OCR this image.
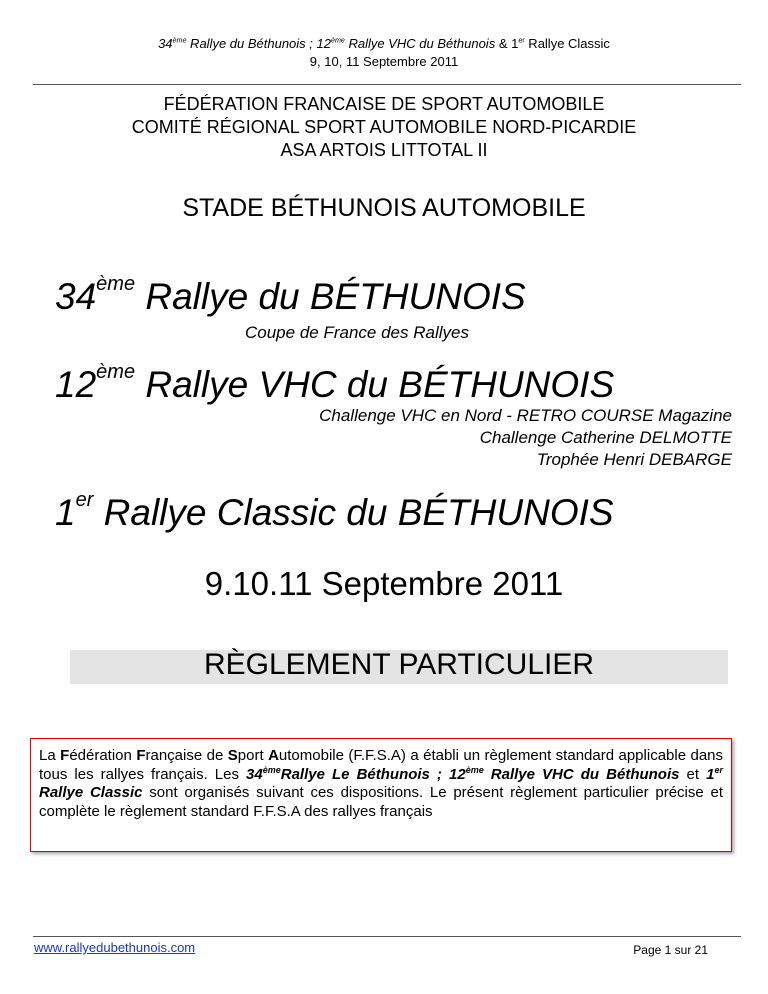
34ème Rallye du Béthunois ; 12ème Rallye VHC du Béthunois & 1er Rallye Classic
9, 10, 11 Septembre 2011
FÉDÉRATION FRANCAISE DE SPORT AUTOMOBILE
COMITÉ RÉGIONAL SPORT AUTOMOBILE NORD-PICARDIE
ASA ARTOIS LITTOTAL II
STADE BÉTHUNOIS AUTOMOBILE
34ème Rallye du BÉTHUNOIS
Coupe de France des Rallyes
12ème Rallye VHC du BÉTHUNOIS
Challenge VHC en Nord - RETRO COURSE Magazine
Challenge Catherine DELMOTTE
Trophée Henri DEBARGE
1er Rallye Classic du BÉTHUNOIS
9.10.11 Septembre 2011
RÈGLEMENT PARTICULIER

La Fédération Française de Sport Automobile (F.F.S.A) a établi un règlement standard applicable dans tous les rallyes français. Les 34èmeRallye Le Béthunois ; 12ème Rallye VHC du Béthunois et 1er Rallye Classic sont organisés suivant ces dispositions. Le présent règlement particulier précise et complète le règlement standard F.F.S.A des rallyes français

www.rallyedubethunois.com	Page 1 sur 21
